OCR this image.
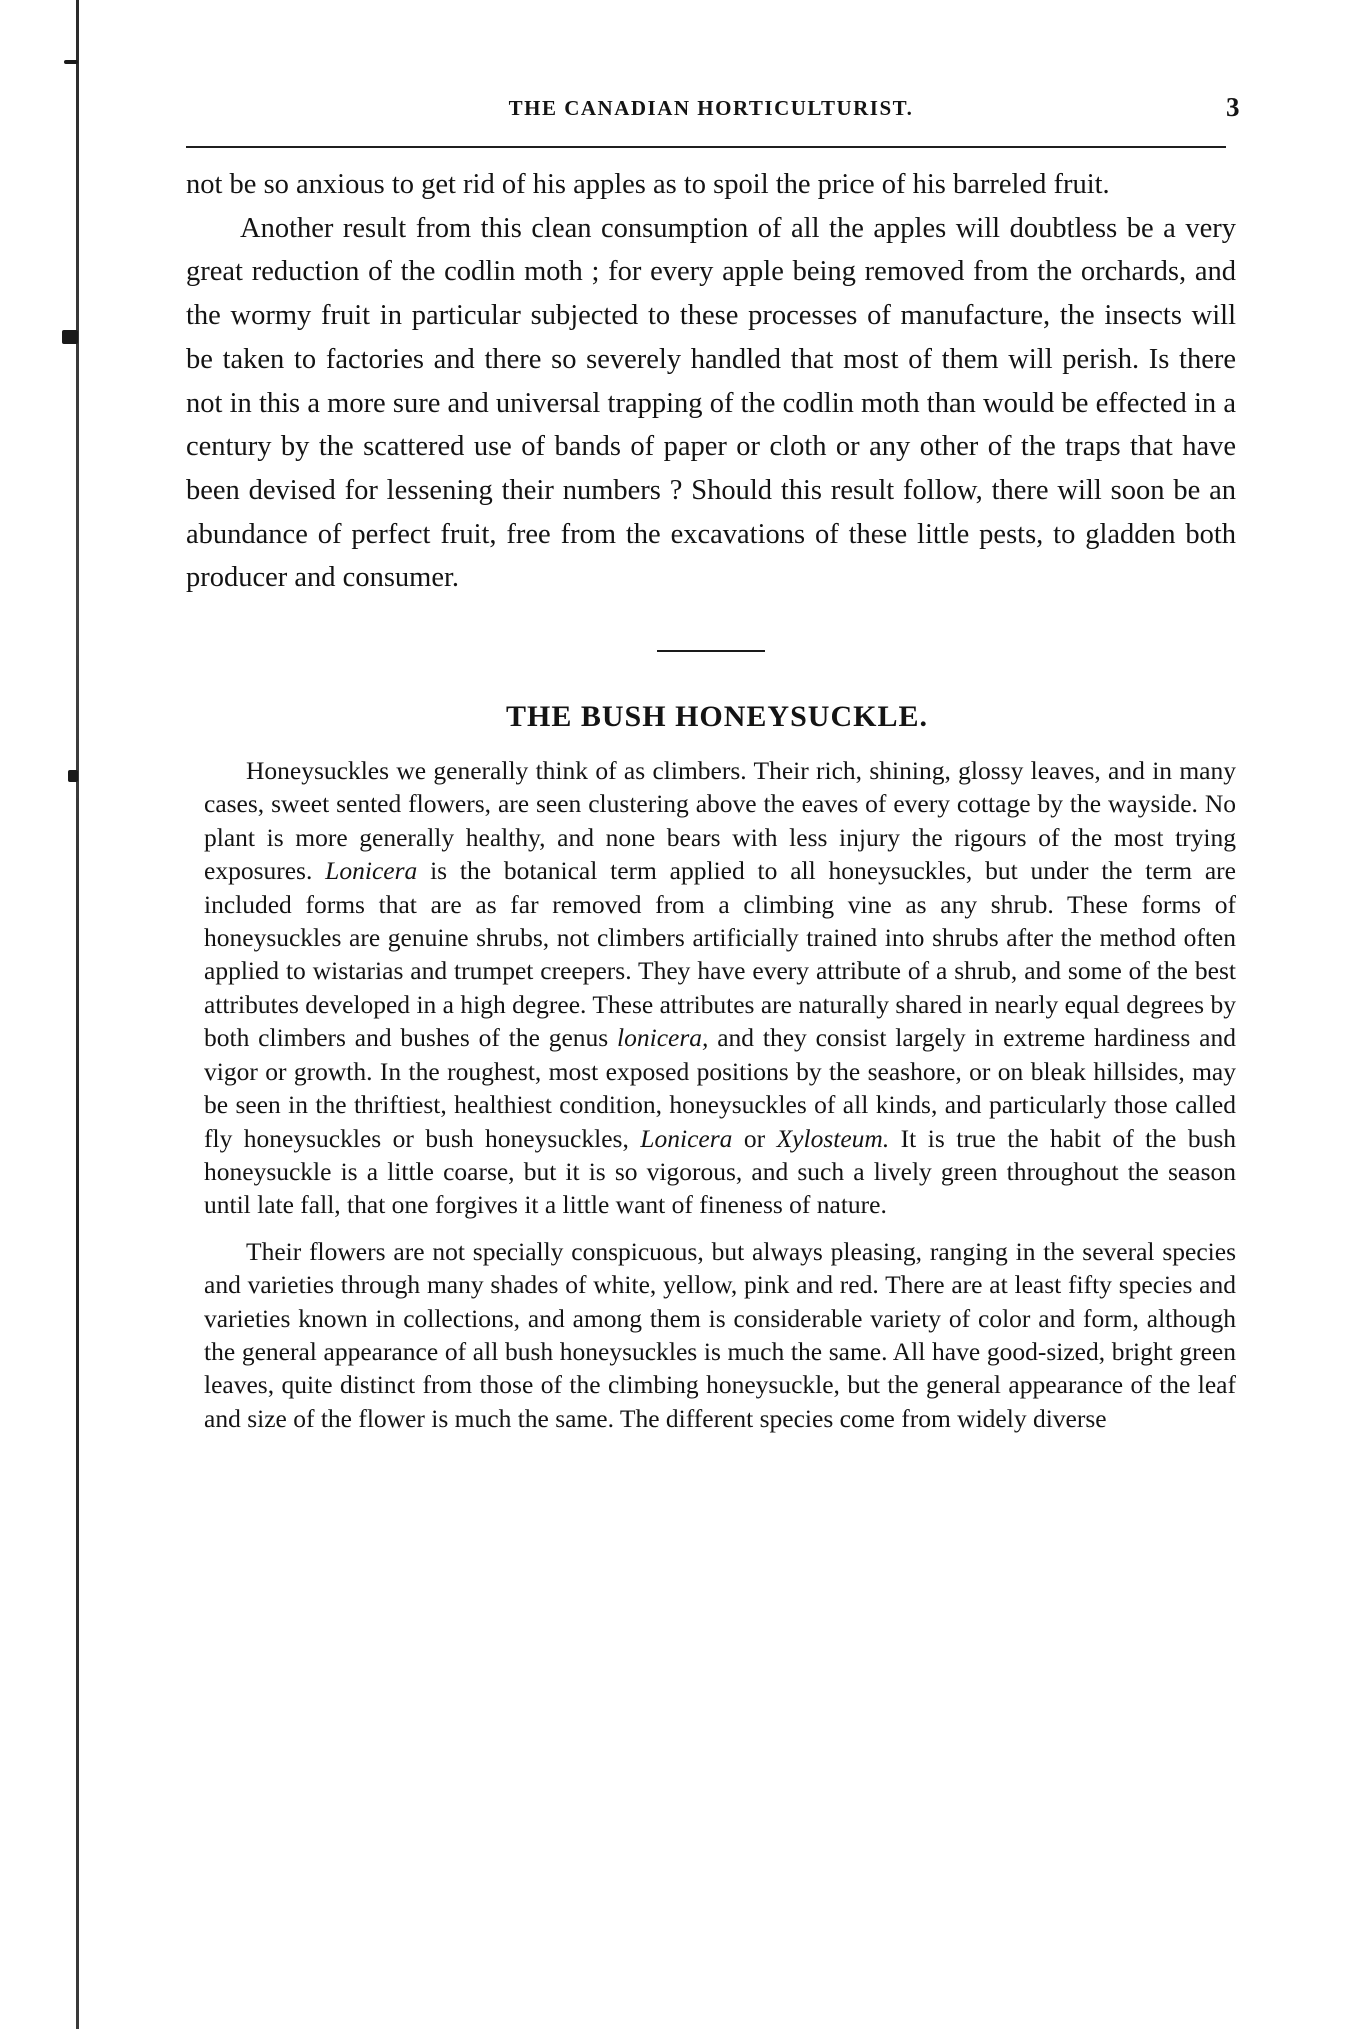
THE CANADIAN HORTICULTURIST.	3

not be so anxious to get rid of his apples as to spoil the price of his barreled fruit.

Another result from this clean consumption of all the apples will doubtless be a very great reduction of the codlin moth ; for every apple being removed from the orchards, and the wormy fruit in particular subjected to these processes of manufacture, the insects will be taken to factories and there so severely handled that most of them will perish. Is there not in this a more sure and universal trapping of the codlin moth than would be effected in a century by the scattered use of bands of paper or cloth or any other of the traps that have been devised for lessening their numbers ? Should this result follow, there will soon be an abundance of perfect fruit, free from the excavations of these little pests, to gladden both producer and consumer.

THE BUSH HONEYSUCKLE.

Honeysuckles we generally think of as climbers. Their rich, shining, glossy leaves, and in many cases, sweet sented flowers, are seen clustering above the eaves of every cottage by the wayside. No plant is more generally healthy, and none bears with less injury the rigours of the most trying exposures. Lonicera is the botanical term applied to all honeysuckles, but under the term are included forms that are as far removed from a climbing vine as any shrub. These forms of honeysuckles are genuine shrubs, not climbers artificially trained into shrubs after the method often applied to wistarias and trumpet creepers. They have every attribute of a shrub, and some of the best attributes developed in a high degree. These attributes are naturally shared in nearly equal degrees by both climbers and bushes of the genus lonicera, and they consist largely in extreme hardiness and vigor or growth. In the roughest, most exposed positions by the seashore, or on bleak hillsides, may be seen in the thriftiest, healthiest condition, honeysuckles of all kinds, and particularly those called fly honeysuckles or bush honeysuckles, Lonicera or Xylosteum. It is true the habit of the bush honeysuckle is a little coarse, but it is so vigorous, and such a lively green throughout the season until late fall, that one forgives it a little want of fineness of nature.

Their flowers are not specially conspicuous, but always pleasing, ranging in the several species and varieties through many shades of white, yellow, pink and red. There are at least fifty species and varieties known in collections, and among them is considerable variety of color and form, although the general appearance of all bush honeysuckles is much the same. All have good-sized, bright green leaves, quite distinct from those of the climbing honeysuckle, but the general appearance of the leaf and size of the flower is much the same. The different species come from widely diverse
